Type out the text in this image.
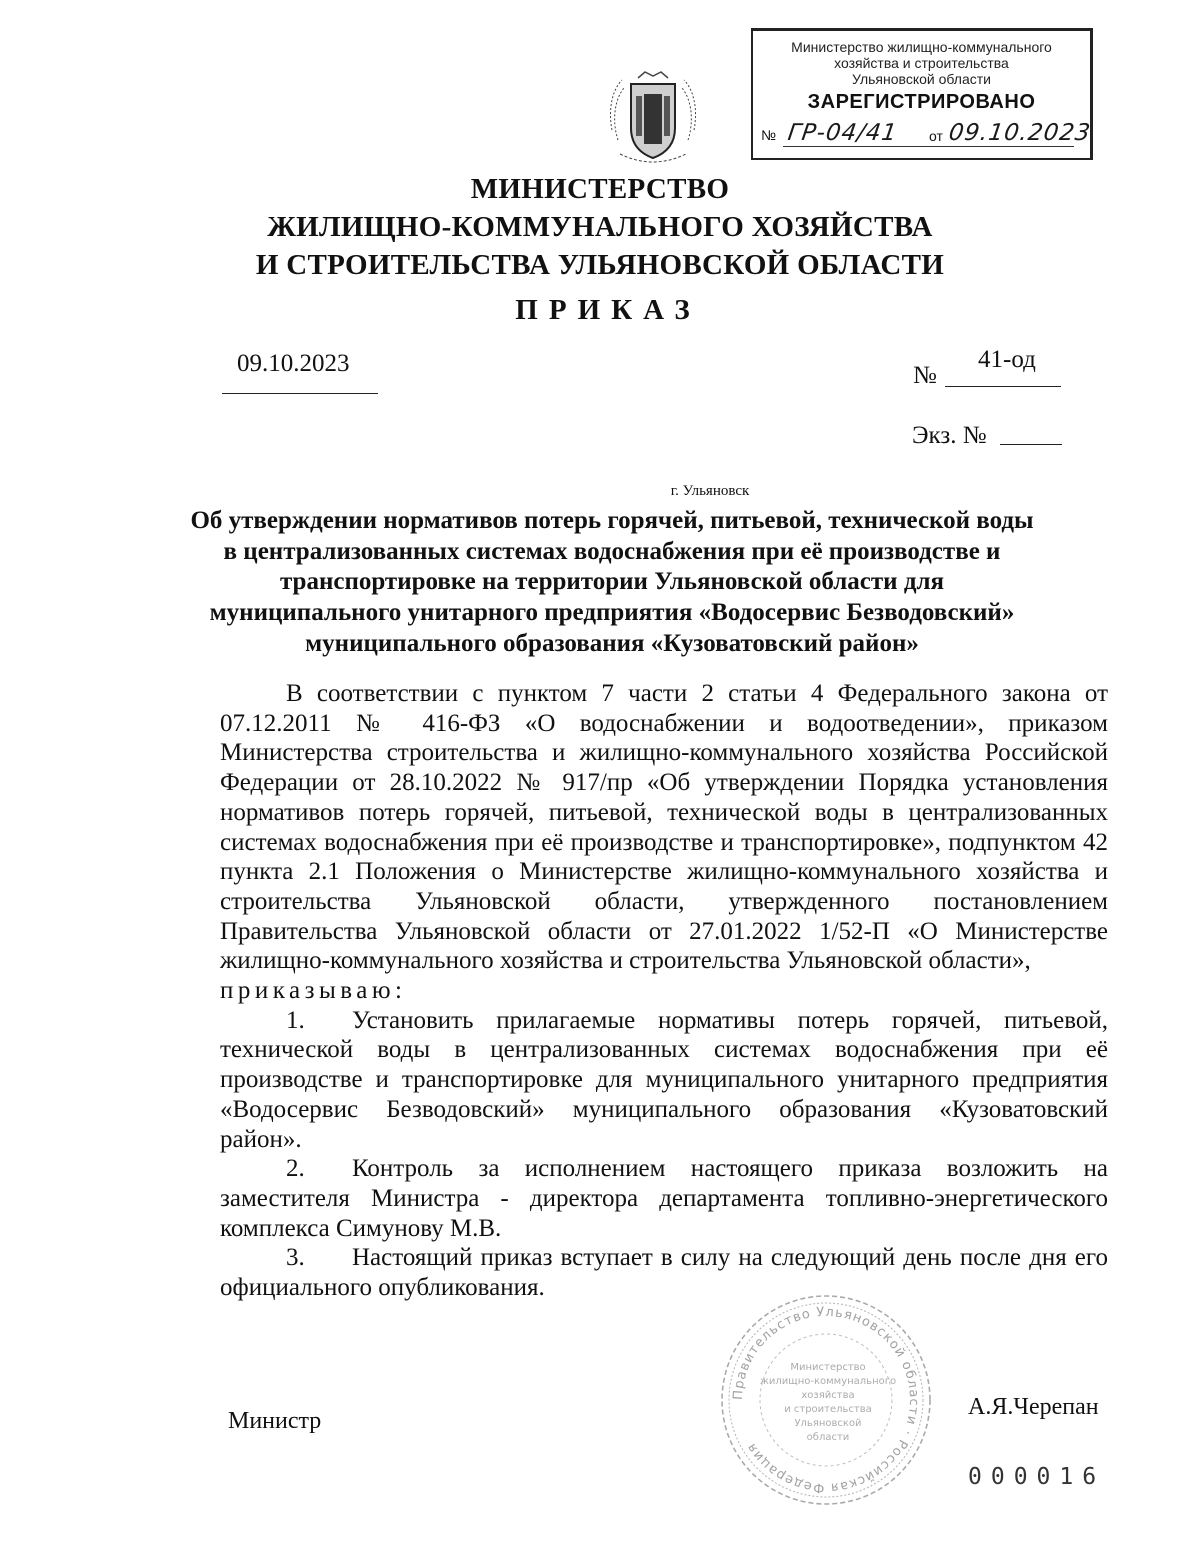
Министерство жилищно-коммунального
хозяйства и строительства
Ульяновской области
ЗАРЕГИСТРИРОВАНО
№ ГР-04/41 от 09.10.2023
МИНИСТЕРСТВО
ЖИЛИЩНО-КОММУНАЛЬНОГО ХОЗЯЙСТВА
И СТРОИТЕЛЬСТВА УЛЬЯНОВСКОЙ ОБЛАСТИ
ПРИКАЗ
09.10.2023	№
41-од
Экз. №
г. Ульяновск
Об утверждении нормативов потерь горячей, питьевой, технической воды
в централизованных системах водоснабжения при её производстве и
транспортировке на территории Ульяновской области для
муниципального унитарного предприятия «Водосервис Безводовский»
муниципального образования «Кузоватовский район»

В соответствии с пунктом 7 части 2 статьи 4 Федерального закона от 07.12.2011 № 416-ФЗ «О водоснабжении и водоотведении», приказом Министерства строительства и жилищно-коммунального хозяйства Российской Федерации от 28.10.2022 № 917/пр «Об утверждении Порядка установления нормативов потерь горячей, питьевой, технической воды в централизованных системах водоснабжения при её производстве и транспортировке», подпунктом 42 пункта 2.1 Положения о Министерстве жилищно-коммунального хозяйства и строительства Ульяновской области, утвержденного постановлением Правительства Ульяновской области от 27.01.2022 1/52-П «О Министерстве жилищно-коммунального хозяйства и строительства Ульяновской области»,

приказываю:

1. Установить прилагаемые нормативы потерь горячей, питьевой, технической воды в централизованных системах водоснабжения при её производстве и транспортировке для муниципального унитарного предприятия «Водосервис Безводовский» муниципального образования «Кузоватовский район».

2. Контроль за исполнением настоящего приказа возложить на заместителя Министра - директора департамента топливно-энергетического комплекса Симунову М.В.

3. Настоящий приказ вступает в силу на следующий день после дня его официального опубликования.

Правительство Ульяновской области · Российская Федерация
Министерство
жилищно-коммунального
хозяйства
и строительства
Ульяновской
области
Министр
А.Я.Черепан
000016
